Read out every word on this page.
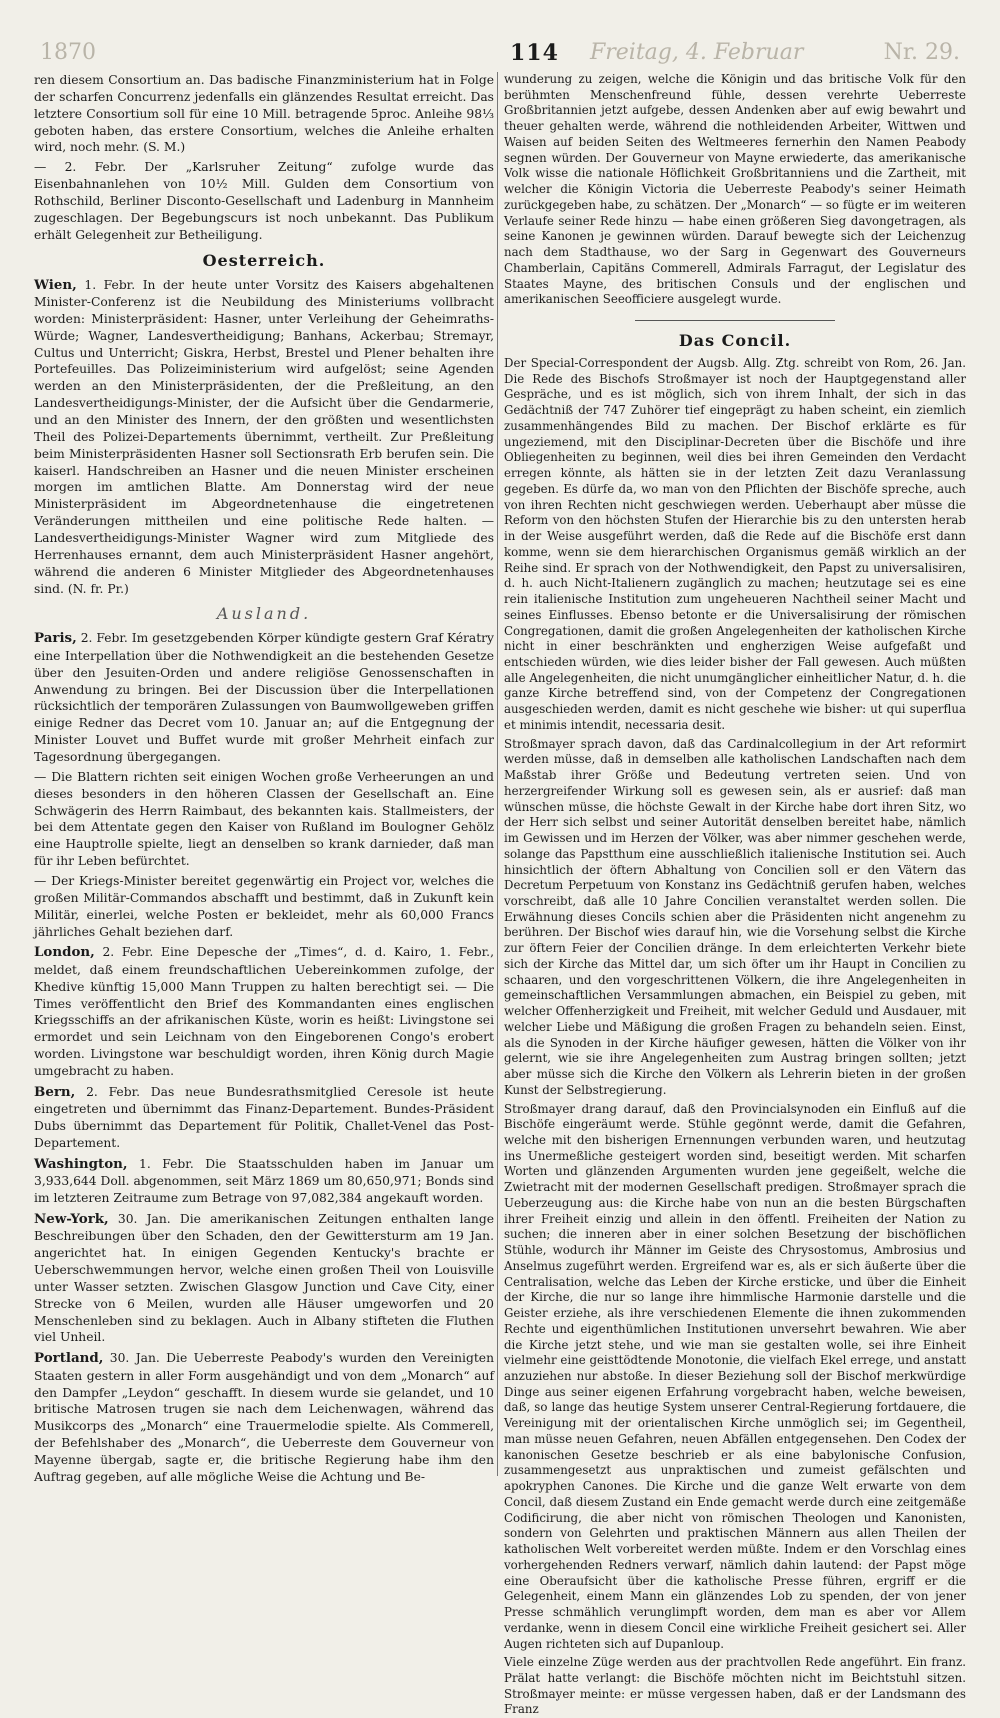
1870	114 Freitag, 4. Februar	Nr. 29.

ren diesem Consortium an. Das badische Finanzministerium hat in Folge der scharfen Concurrenz jedenfalls ein glänzendes Resultat erreicht. Das letztere Consortium soll für eine 10 Mill. betragende 5proc. Anleihe 98⅓ geboten haben, das erstere Consortium, welches die Anleihe erhalten wird, noch mehr. (S. M.)

— 2. Febr. Der „Karlsruher Zeitung“ zufolge wurde das Eisenbahnanlehen von 10½ Mill. Gulden dem Consortium von Rothschild, Berliner Disconto-Gesellschaft und Ladenburg in Mannheim zugeschlagen. Der Begebungscurs ist noch unbekannt. Das Publikum erhält Gelegenheit zur Betheiligung.

Oesterreich.

Wien, 1. Febr. In der heute unter Vorsitz des Kaisers abgehaltenen Minister-Conferenz ist die Neubildung des Ministeriums vollbracht worden: Ministerpräsident: Hasner, unter Verleihung der Geheimraths-Würde; Wagner, Landesvertheidigung; Banhans, Ackerbau; Stremayr, Cultus und Unterricht; Giskra, Herbst, Brestel und Plener behalten ihre Portefeuilles. Das Polizeiministerium wird aufgelöst; seine Agenden werden an den Ministerpräsidenten, der die Preßleitung, an den Landesvertheidigungs-Minister, der die Aufsicht über die Gendarmerie, und an den Minister des Innern, der den größten und wesentlichsten Theil des Polizei-Departements übernimmt, vertheilt. Zur Preßleitung beim Ministerpräsidenten Hasner soll Sectionsrath Erb berufen sein. Die kaiserl. Handschreiben an Hasner und die neuen Minister erscheinen morgen im amtlichen Blatte. Am Donnerstag wird der neue Ministerpräsident im Abgeordnetenhause die eingetretenen Veränderungen mittheilen und eine politische Rede halten. — Landesvertheidigungs-Minister Wagner wird zum Mitgliede des Herrenhauses ernannt, dem auch Ministerpräsident Hasner angehört, während die anderen 6 Minister Mitglieder des Abgeordnetenhauses sind. (N. fr. Pr.)

Ausland.

Paris, 2. Febr. Im gesetzgebenden Körper kündigte gestern Graf Kératry eine Interpellation über die Nothwendigkeit an die bestehenden Gesetze über den Jesuiten-Orden und andere religiöse Genossenschaften in Anwendung zu bringen. Bei der Discussion über die Interpellationen rücksichtlich der temporären Zulassungen von Baumwollgeweben griffen einige Redner das Decret vom 10. Januar an; auf die Entgegnung der Minister Louvet und Buffet wurde mit großer Mehrheit einfach zur Tagesordnung übergegangen.

— Die Blattern richten seit einigen Wochen große Verheerungen an und dieses besonders in den höheren Classen der Gesellschaft an. Eine Schwägerin des Herrn Raimbaut, des bekannten kais. Stallmeisters, der bei dem Attentate gegen den Kaiser von Rußland im Boulogner Gehölz eine Hauptrolle spielte, liegt an denselben so krank darnieder, daß man für ihr Leben befürchtet.

— Der Kriegs-Minister bereitet gegenwärtig ein Project vor, welches die großen Militär-Commandos abschafft und bestimmt, daß in Zukunft kein Militär, einerlei, welche Posten er bekleidet, mehr als 60,000 Francs jährliches Gehalt beziehen darf.

London, 2. Febr. Eine Depesche der „Times“, d. d. Kairo, 1. Febr., meldet, daß einem freundschaftlichen Uebereinkommen zufolge, der Khedive künftig 15,000 Mann Truppen zu halten berechtigt sei. — Die Times veröffentlicht den Brief des Kommandanten eines englischen Kriegsschiffs an der afrikanischen Küste, worin es heißt: Livingstone sei ermordet und sein Leichnam von den Eingeborenen Congo's erobert worden. Livingstone war beschuldigt worden, ihren König durch Magie umgebracht zu haben.

Bern, 2. Febr. Das neue Bundesrathsmitglied Ceresole ist heute eingetreten und übernimmt das Finanz-Departement. Bundes-Präsident Dubs übernimmt das Departement für Politik, Challet-Venel das Post-Departement.

Washington, 1. Febr. Die Staatsschulden haben im Januar um 3,933,644 Doll. abgenommen, seit März 1869 um 80,650,971; Bonds sind im letzteren Zeitraume zum Betrage von 97,082,384 angekauft worden.

New-York, 30. Jan. Die amerikanischen Zeitungen enthalten lange Beschreibungen über den Schaden, den der Gewittersturm am 19 Jan. angerichtet hat. In einigen Gegenden Kentucky's brachte er Ueberschwemmungen hervor, welche einen großen Theil von Louisville unter Wasser setzten. Zwischen Glasgow Junction und Cave City, einer Strecke von 6 Meilen, wurden alle Häuser umgeworfen und 20 Menschenleben sind zu beklagen. Auch in Albany stifteten die Fluthen viel Unheil.

Portland, 30. Jan. Die Ueberreste Peabody's wurden den Vereinigten Staaten gestern in aller Form ausgehändigt und von dem „Monarch“ auf den Dampfer „Leydon“ geschafft. In diesem wurde sie gelandet, und 10 britische Matrosen trugen sie nach dem Leichenwagen, während das Musikcorps des „Monarch“ eine Trauermelodie spielte. Als Commerell, der Befehlshaber des „Monarch“, die Ueberreste dem Gouverneur von Mayenne übergab, sagte er, die britische Regierung habe ihm den Auftrag gegeben, auf alle mögliche Weise die Achtung und Be-

wunderung zu zeigen, welche die Königin und das britische Volk für den berühmten Menschenfreund fühle, dessen verehrte Ueberreste Großbritannien jetzt aufgebe, dessen Andenken aber auf ewig bewahrt und theuer gehalten werde, während die nothleidenden Arbeiter, Wittwen und Waisen auf beiden Seiten des Weltmeeres fernerhin den Namen Peabody segnen würden. Der Gouverneur von Mayne erwiederte, das amerikanische Volk wisse die nationale Höflichkeit Großbritanniens und die Zartheit, mit welcher die Königin Victoria die Ueberreste Peabody's seiner Heimath zurückgegeben habe, zu schätzen. Der „Monarch“ — so fügte er im weiteren Verlaufe seiner Rede hinzu — habe einen größeren Sieg davongetragen, als seine Kanonen je gewinnen würden. Darauf bewegte sich der Leichenzug nach dem Stadthause, wo der Sarg in Gegenwart des Gouverneurs Chamberlain, Capitäns Commerell, Admirals Farragut, der Legislatur des Staates Mayne, des britischen Consuls und der englischen und amerikanischen Seeofficiere ausgelegt wurde.

Das Concil.

Der Special-Correspondent der Augsb. Allg. Ztg. schreibt von Rom, 26. Jan. Die Rede des Bischofs Stroßmayer ist noch der Hauptgegenstand aller Gespräche, und es ist möglich, sich von ihrem Inhalt, der sich in das Gedächtniß der 747 Zuhörer tief eingeprägt zu haben scheint, ein ziemlich zusammenhängendes Bild zu machen. Der Bischof erklärte es für ungeziemend, mit den Disciplinar-Decreten über die Bischöfe und ihre Obliegenheiten zu beginnen, weil dies bei ihren Gemeinden den Verdacht erregen könnte, als hätten sie in der letzten Zeit dazu Veranlassung gegeben. Es dürfe da, wo man von den Pflichten der Bischöfe spreche, auch von ihren Rechten nicht geschwiegen werden. Ueberhaupt aber müsse die Reform von den höchsten Stufen der Hierarchie bis zu den untersten herab in der Weise ausgeführt werden, daß die Rede auf die Bischöfe erst dann komme, wenn sie dem hierarchischen Organismus gemäß wirklich an der Reihe sind. Er sprach von der Nothwendigkeit, den Papst zu universalisiren, d. h. auch Nicht-Italienern zugänglich zu machen; heutzutage sei es eine rein italienische Institution zum ungeheueren Nachtheil seiner Macht und seines Einflusses. Ebenso betonte er die Universalisirung der römischen Congregationen, damit die großen Angelegenheiten der katholischen Kirche nicht in einer beschränkten und engherzigen Weise aufgefaßt und entschieden würden, wie dies leider bisher der Fall gewesen. Auch müßten alle Angelegenheiten, die nicht unumgänglicher einheitlicher Natur, d. h. die ganze Kirche betreffend sind, von der Competenz der Congregationen ausgeschieden werden, damit es nicht geschehe wie bisher: ut qui superflua et minimis intendit, necessaria desit.

Stroßmayer sprach davon, daß das Cardinalcollegium in der Art reformirt werden müsse, daß in demselben alle katholischen Landschaften nach dem Maßstab ihrer Größe und Bedeutung vertreten seien. Und von herzergreifender Wirkung soll es gewesen sein, als er ausrief: daß man wünschen müsse, die höchste Gewalt in der Kirche habe dort ihren Sitz, wo der Herr sich selbst und seiner Autorität denselben bereitet habe, nämlich im Gewissen und im Herzen der Völker, was aber nimmer geschehen werde, solange das Papstthum eine ausschließlich italienische Institution sei. Auch hinsichtlich der öftern Abhaltung von Concilien soll er den Vätern das Decretum Perpetuum von Konstanz ins Gedächtniß gerufen haben, welches vorschreibt, daß alle 10 Jahre Concilien veranstaltet werden sollen. Die Erwähnung dieses Concils schien aber die Präsidenten nicht angenehm zu berühren. Der Bischof wies darauf hin, wie die Vorsehung selbst die Kirche zur öftern Feier der Concilien dränge. In dem erleichterten Verkehr biete sich der Kirche das Mittel dar, um sich öfter um ihr Haupt in Concilien zu schaaren, und den vorgeschrittenen Völkern, die ihre Angelegenheiten in gemeinschaftlichen Versammlungen abmachen, ein Beispiel zu geben, mit welcher Offenherzigkeit und Freiheit, mit welcher Geduld und Ausdauer, mit welcher Liebe und Mäßigung die großen Fragen zu behandeln seien. Einst, als die Synoden in der Kirche häufiger gewesen, hätten die Völker von ihr gelernt, wie sie ihre Angelegenheiten zum Austrag bringen sollten; jetzt aber müsse sich die Kirche den Völkern als Lehrerin bieten in der großen Kunst der Selbstregierung.

Stroßmayer drang darauf, daß den Provincialsynoden ein Einfluß auf die Bischöfe eingeräumt werde. Stühle gegönnt werde, damit die Gefahren, welche mit den bisherigen Ernennungen verbunden waren, und heutzutag ins Unermeßliche gesteigert worden sind, beseitigt werden. Mit scharfen Worten und glänzenden Argumenten wurden jene gegeißelt, welche die Zwietracht mit der modernen Gesellschaft predigen. Stroßmayer sprach die Ueberzeugung aus: die Kirche habe von nun an die besten Bürgschaften ihrer Freiheit einzig und allein in den öffentl. Freiheiten der Nation zu suchen; die inneren aber in einer solchen Besetzung der bischöflichen Stühle, wodurch ihr Männer im Geiste des Chrysostomus, Ambrosius und Anselmus zugeführt werden. Ergreifend war es, als er sich äußerte über die Centralisation, welche das Leben der Kirche ersticke, und über die Einheit der Kirche, die nur so lange ihre himmlische Harmonie darstelle und die Geister erziehe, als ihre verschiedenen Elemente die ihnen zukommenden Rechte und eigenthümlichen Institutionen unversehrt bewahren. Wie aber die Kirche jetzt stehe, und wie man sie gestalten wolle, sei ihre Einheit vielmehr eine geisttödtende Monotonie, die vielfach Ekel errege, und anstatt anzuziehen nur abstoße. In dieser Beziehung soll der Bischof merkwürdige Dinge aus seiner eigenen Erfahrung vorgebracht haben, welche beweisen, daß, so lange das heutige System unserer Central-Regierung fortdauere, die Vereinigung mit der orientalischen Kirche unmöglich sei; im Gegentheil, man müsse neuen Gefahren, neuen Abfällen entgegensehen. Den Codex der kanonischen Gesetze beschrieb er als eine babylonische Confusion, zusammengesetzt aus unpraktischen und zumeist gefälschten und apokryphen Canones. Die Kirche und die ganze Welt erwarte von dem Concil, daß diesem Zustand ein Ende gemacht werde durch eine zeitgemäße Codificirung, die aber nicht von römischen Theologen und Kanonisten, sondern von Gelehrten und praktischen Männern aus allen Theilen der katholischen Welt vorbereitet werden müßte. Indem er den Vorschlag eines vorhergehenden Redners verwarf, nämlich dahin lautend: der Papst möge eine Oberaufsicht über die katholische Presse führen, ergriff er die Gelegenheit, einem Mann ein glänzendes Lob zu spenden, der von jener Presse schmählich verunglimpft worden, dem man es aber vor Allem verdanke, wenn in diesem Concil eine wirkliche Freiheit gesichert sei. Aller Augen richteten sich auf Dupanloup.

Viele einzelne Züge werden aus der prachtvollen Rede angeführt. Ein franz. Prälat hatte verlangt: die Bischöfe möchten nicht im Beichtstuhl sitzen. Stroßmayer meinte: er müsse vergessen haben, daß er der Landsmann des Franz
